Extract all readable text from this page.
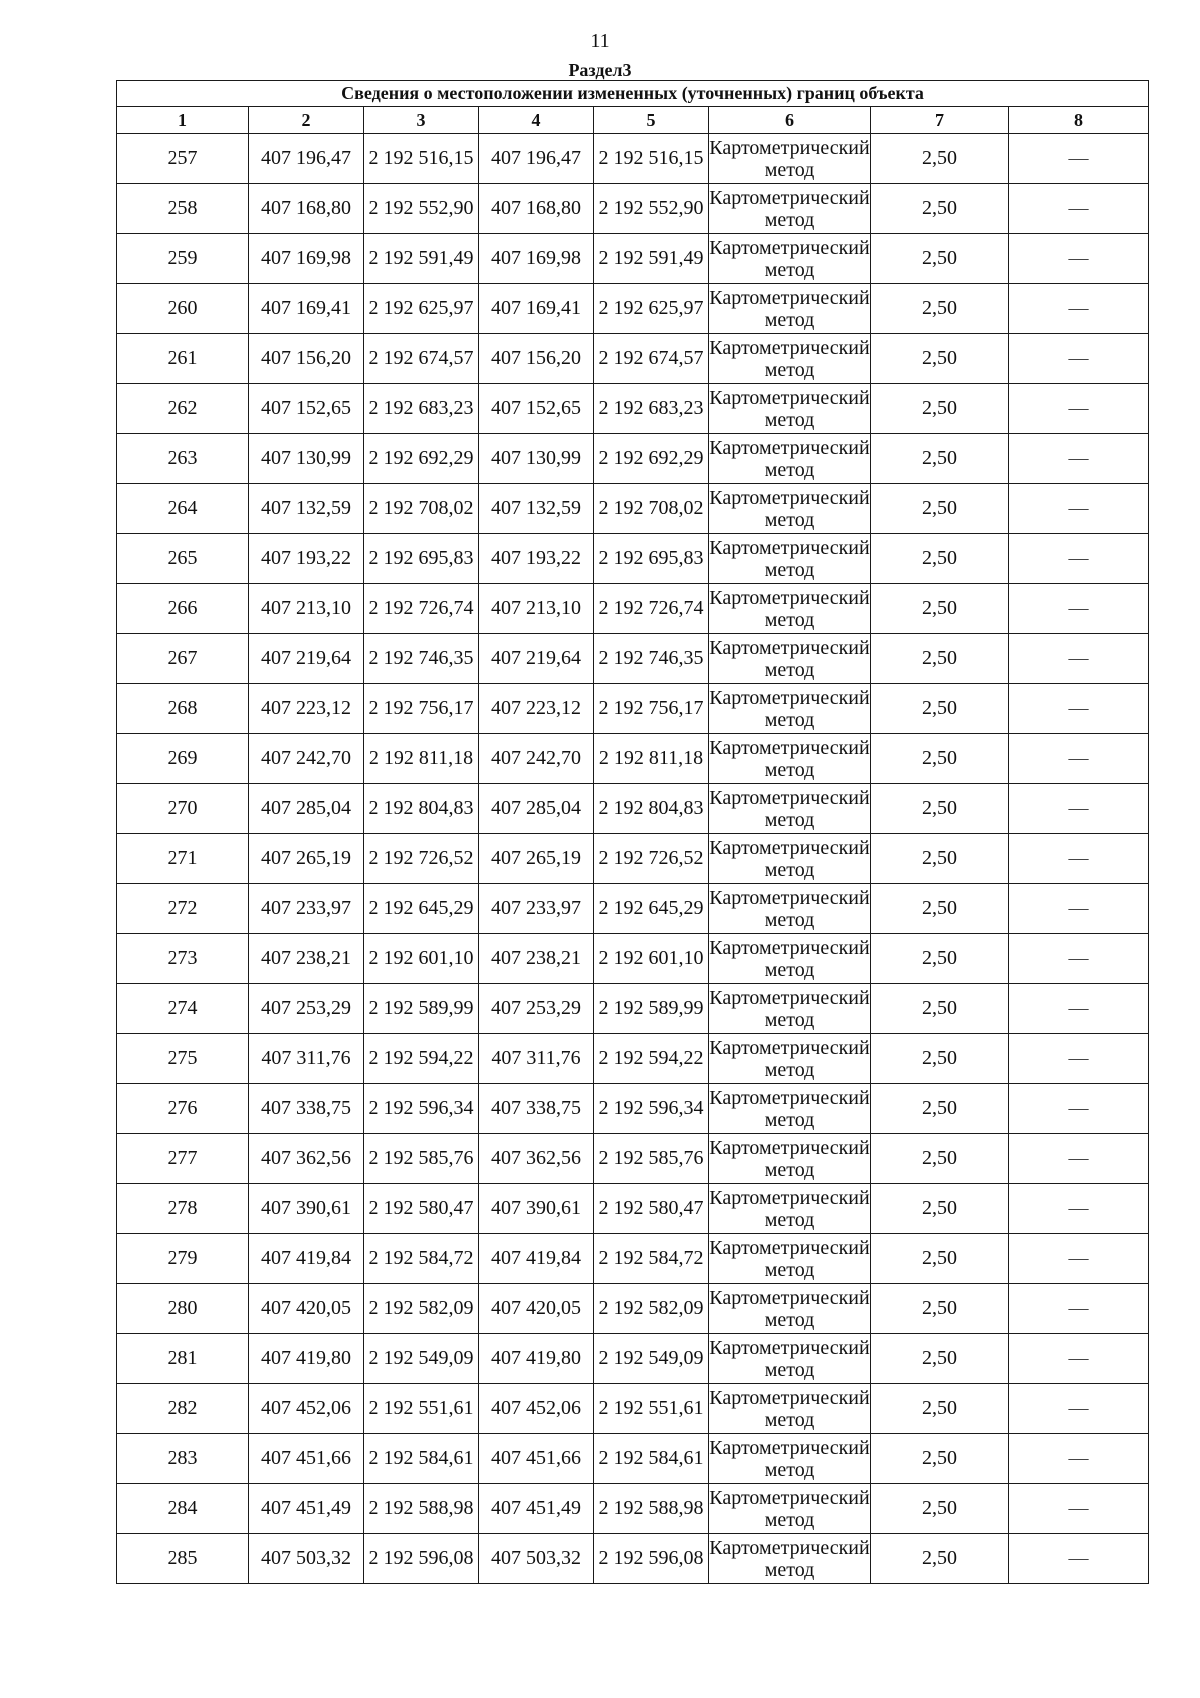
11
Раздел3
Сведения о местоположении измененных (уточненных) границ объекта							
1	2	3	4	5	6	7	8
257	407 196,47	2 192 516,15	407 196,47	2 192 516,15	Картометрический метод	2,50	—
258	407 168,80	2 192 552,90	407 168,80	2 192 552,90	Картометрический метод	2,50	—
259	407 169,98	2 192 591,49	407 169,98	2 192 591,49	Картометрический метод	2,50	—
260	407 169,41	2 192 625,97	407 169,41	2 192 625,97	Картометрический метод	2,50	—
261	407 156,20	2 192 674,57	407 156,20	2 192 674,57	Картометрический метод	2,50	—
262	407 152,65	2 192 683,23	407 152,65	2 192 683,23	Картометрический метод	2,50	—
263	407 130,99	2 192 692,29	407 130,99	2 192 692,29	Картометрический метод	2,50	—
264	407 132,59	2 192 708,02	407 132,59	2 192 708,02	Картометрический метод	2,50	—
265	407 193,22	2 192 695,83	407 193,22	2 192 695,83	Картометрический метод	2,50	—
266	407 213,10	2 192 726,74	407 213,10	2 192 726,74	Картометрический метод	2,50	—
267	407 219,64	2 192 746,35	407 219,64	2 192 746,35	Картометрический метод	2,50	—
268	407 223,12	2 192 756,17	407 223,12	2 192 756,17	Картометрический метод	2,50	—
269	407 242,70	2 192 811,18	407 242,70	2 192 811,18	Картометрический метод	2,50	—
270	407 285,04	2 192 804,83	407 285,04	2 192 804,83	Картометрический метод	2,50	—
271	407 265,19	2 192 726,52	407 265,19	2 192 726,52	Картометрический метод	2,50	—
272	407 233,97	2 192 645,29	407 233,97	2 192 645,29	Картометрический метод	2,50	—
273	407 238,21	2 192 601,10	407 238,21	2 192 601,10	Картометрический метод	2,50	—
274	407 253,29	2 192 589,99	407 253,29	2 192 589,99	Картометрический метод	2,50	—
275	407 311,76	2 192 594,22	407 311,76	2 192 594,22	Картометрический метод	2,50	—
276	407 338,75	2 192 596,34	407 338,75	2 192 596,34	Картометрический метод	2,50	—
277	407 362,56	2 192 585,76	407 362,56	2 192 585,76	Картометрический метод	2,50	—
278	407 390,61	2 192 580,47	407 390,61	2 192 580,47	Картометрический метод	2,50	—
279	407 419,84	2 192 584,72	407 419,84	2 192 584,72	Картометрический метод	2,50	—
280	407 420,05	2 192 582,09	407 420,05	2 192 582,09	Картометрический метод	2,50	—
281	407 419,80	2 192 549,09	407 419,80	2 192 549,09	Картометрический метод	2,50	—
282	407 452,06	2 192 551,61	407 452,06	2 192 551,61	Картометрический метод	2,50	—
283	407 451,66	2 192 584,61	407 451,66	2 192 584,61	Картометрический метод	2,50	—
284	407 451,49	2 192 588,98	407 451,49	2 192 588,98	Картометрический метод	2,50	—
285	407 503,32	2 192 596,08	407 503,32	2 192 596,08	Картометрический метод	2,50	—
